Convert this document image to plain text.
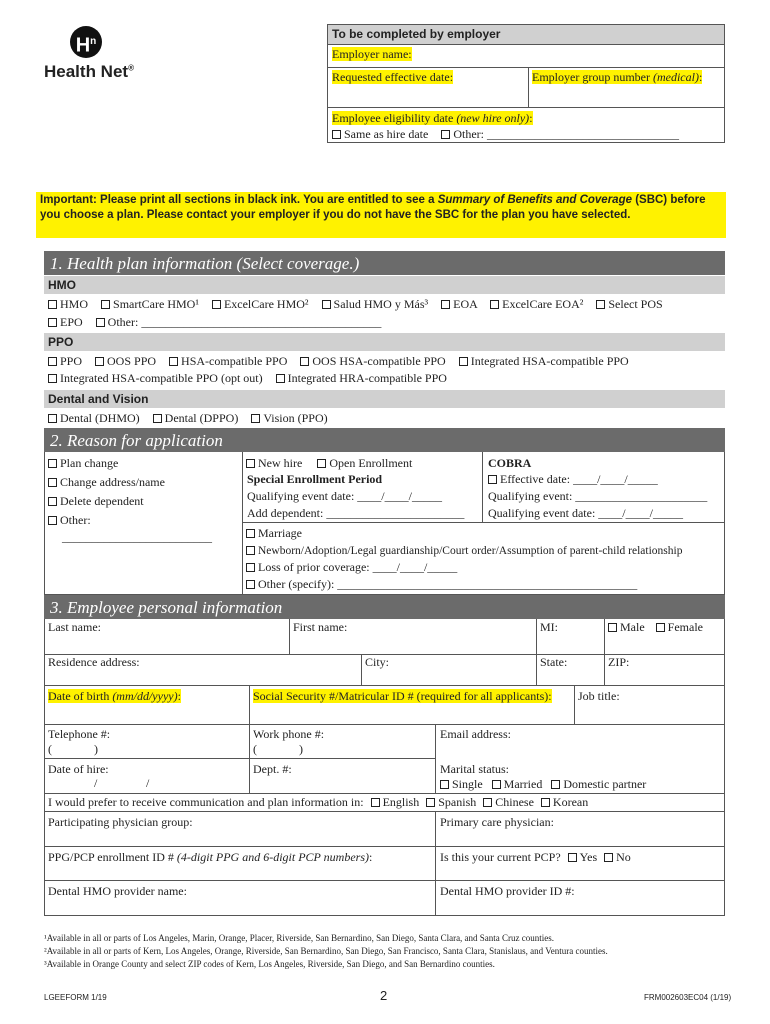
$H^n$
Health Net®
To be completed by employer
Employer name:
Requested effective date:	Employer group number (medical):
Employee eligibility date (new hire only):
Same as hire date Other: ________________________________
Important: Please print all sections in black ink. You are entitled to see a Summary of Benefits and Coverage (SBC) before you choose a plan. Please contact your employer if you do not have the SBC for the plan you have selected.
1. Health plan information (Select coverage.)
HMO
HMO SmartCare HMO¹ ExcelCare HMO² Salud HMO y Más³ EOA ExcelCare EOA² Select POS
EPO Other: ________________________________________
PPO
PPO OOS PPO HSA-compatible PPO OOS HSA-compatible PPO Integrated HSA-compatible PPO
Integrated HSA-compatible PPO (opt out) Integrated HRA-compatible PPO
Dental and Vision
Dental (DHMO) Dental (DPPO) Vision (PPO)
2. Reason for application
Plan change
Change address/name
Delete dependent
Other:
_________________________
New hire Open Enrollment
Special Enrollment Period
Qualifying event date: ____/____/_____
Add dependent: _______________________
COBRA
Effective date: ____/____/_____
Qualifying event: ______________________
Qualifying event date: ____/____/_____
Marriage
Newborn/Adoption/Legal guardianship/Court order/Assumption of parent-child relationship
Loss of prior coverage: ____/____/_____
Other (specify): __________________________________________________
3. Employee personal information
Last name:	First name:	MI:	Male Female
Residence address:	City:	State:	ZIP:
Date of birth (mm/dd/yyyy):	Social Security #/Matricular ID # (required for all applicants): Job title:
Telephone #:
(	)
Work phone #:
(	)
Email address:
Date of hire:
/	/
Dept. #:	Marital status:
Single Married Domestic partner
I would prefer to receive communication and plan information in: English Spanish Chinese Korean
Participating physician group:	Primary care physician:
PPG/PCP enrollment ID # (4-digit PPG and 6-digit PCP numbers):	Is this your current PCP? Yes No
Dental HMO provider name:	Dental HMO provider ID #:
¹Available in all or parts of Los Angeles, Marin, Orange, Placer, Riverside, San Bernardino, San Diego, Santa Clara, and Santa Cruz counties.
²Available in all or parts of Kern, Los Angeles, Orange, Riverside, San Bernardino, San Diego, San Francisco, Santa Clara, Stanislaus, and Ventura counties.
³Available in Orange County and select ZIP codes of Kern, Los Angeles, Riverside, San Diego, and San Bernardino counties.
LGEEFORM 1/19	2	FRM002603EC04 (1/19)
